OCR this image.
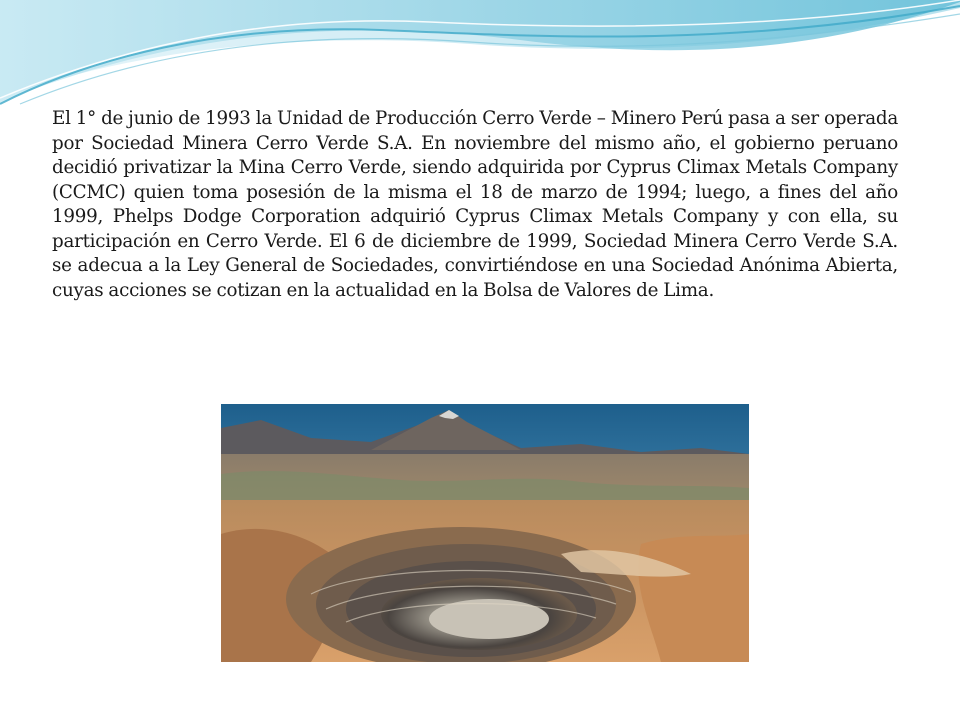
El 1° de junio de 1993 la Unidad de Producción Cerro Verde – Minero Perú pasa a ser operada por Sociedad Minera Cerro Verde S.A. En noviembre del mismo año, el gobierno peruano decidió privatizar la Mina Cerro Verde, siendo adquirida por Cyprus Climax Metals Company (CCMC) quien toma posesión de la misma el 18 de marzo de 1994; luego, a fines del año 1999, Phelps Dodge Corporation adquirió Cyprus Climax Metals Company y con ella, su participación en Cerro Verde. El 6 de diciembre de 1999, Sociedad Minera Cerro Verde S.A. se adecua a la Ley General de Sociedades, convirtiéndose en una Sociedad Anónima Abierta, cuyas acciones se cotizan en la actualidad en la Bolsa de Valores de Lima.
